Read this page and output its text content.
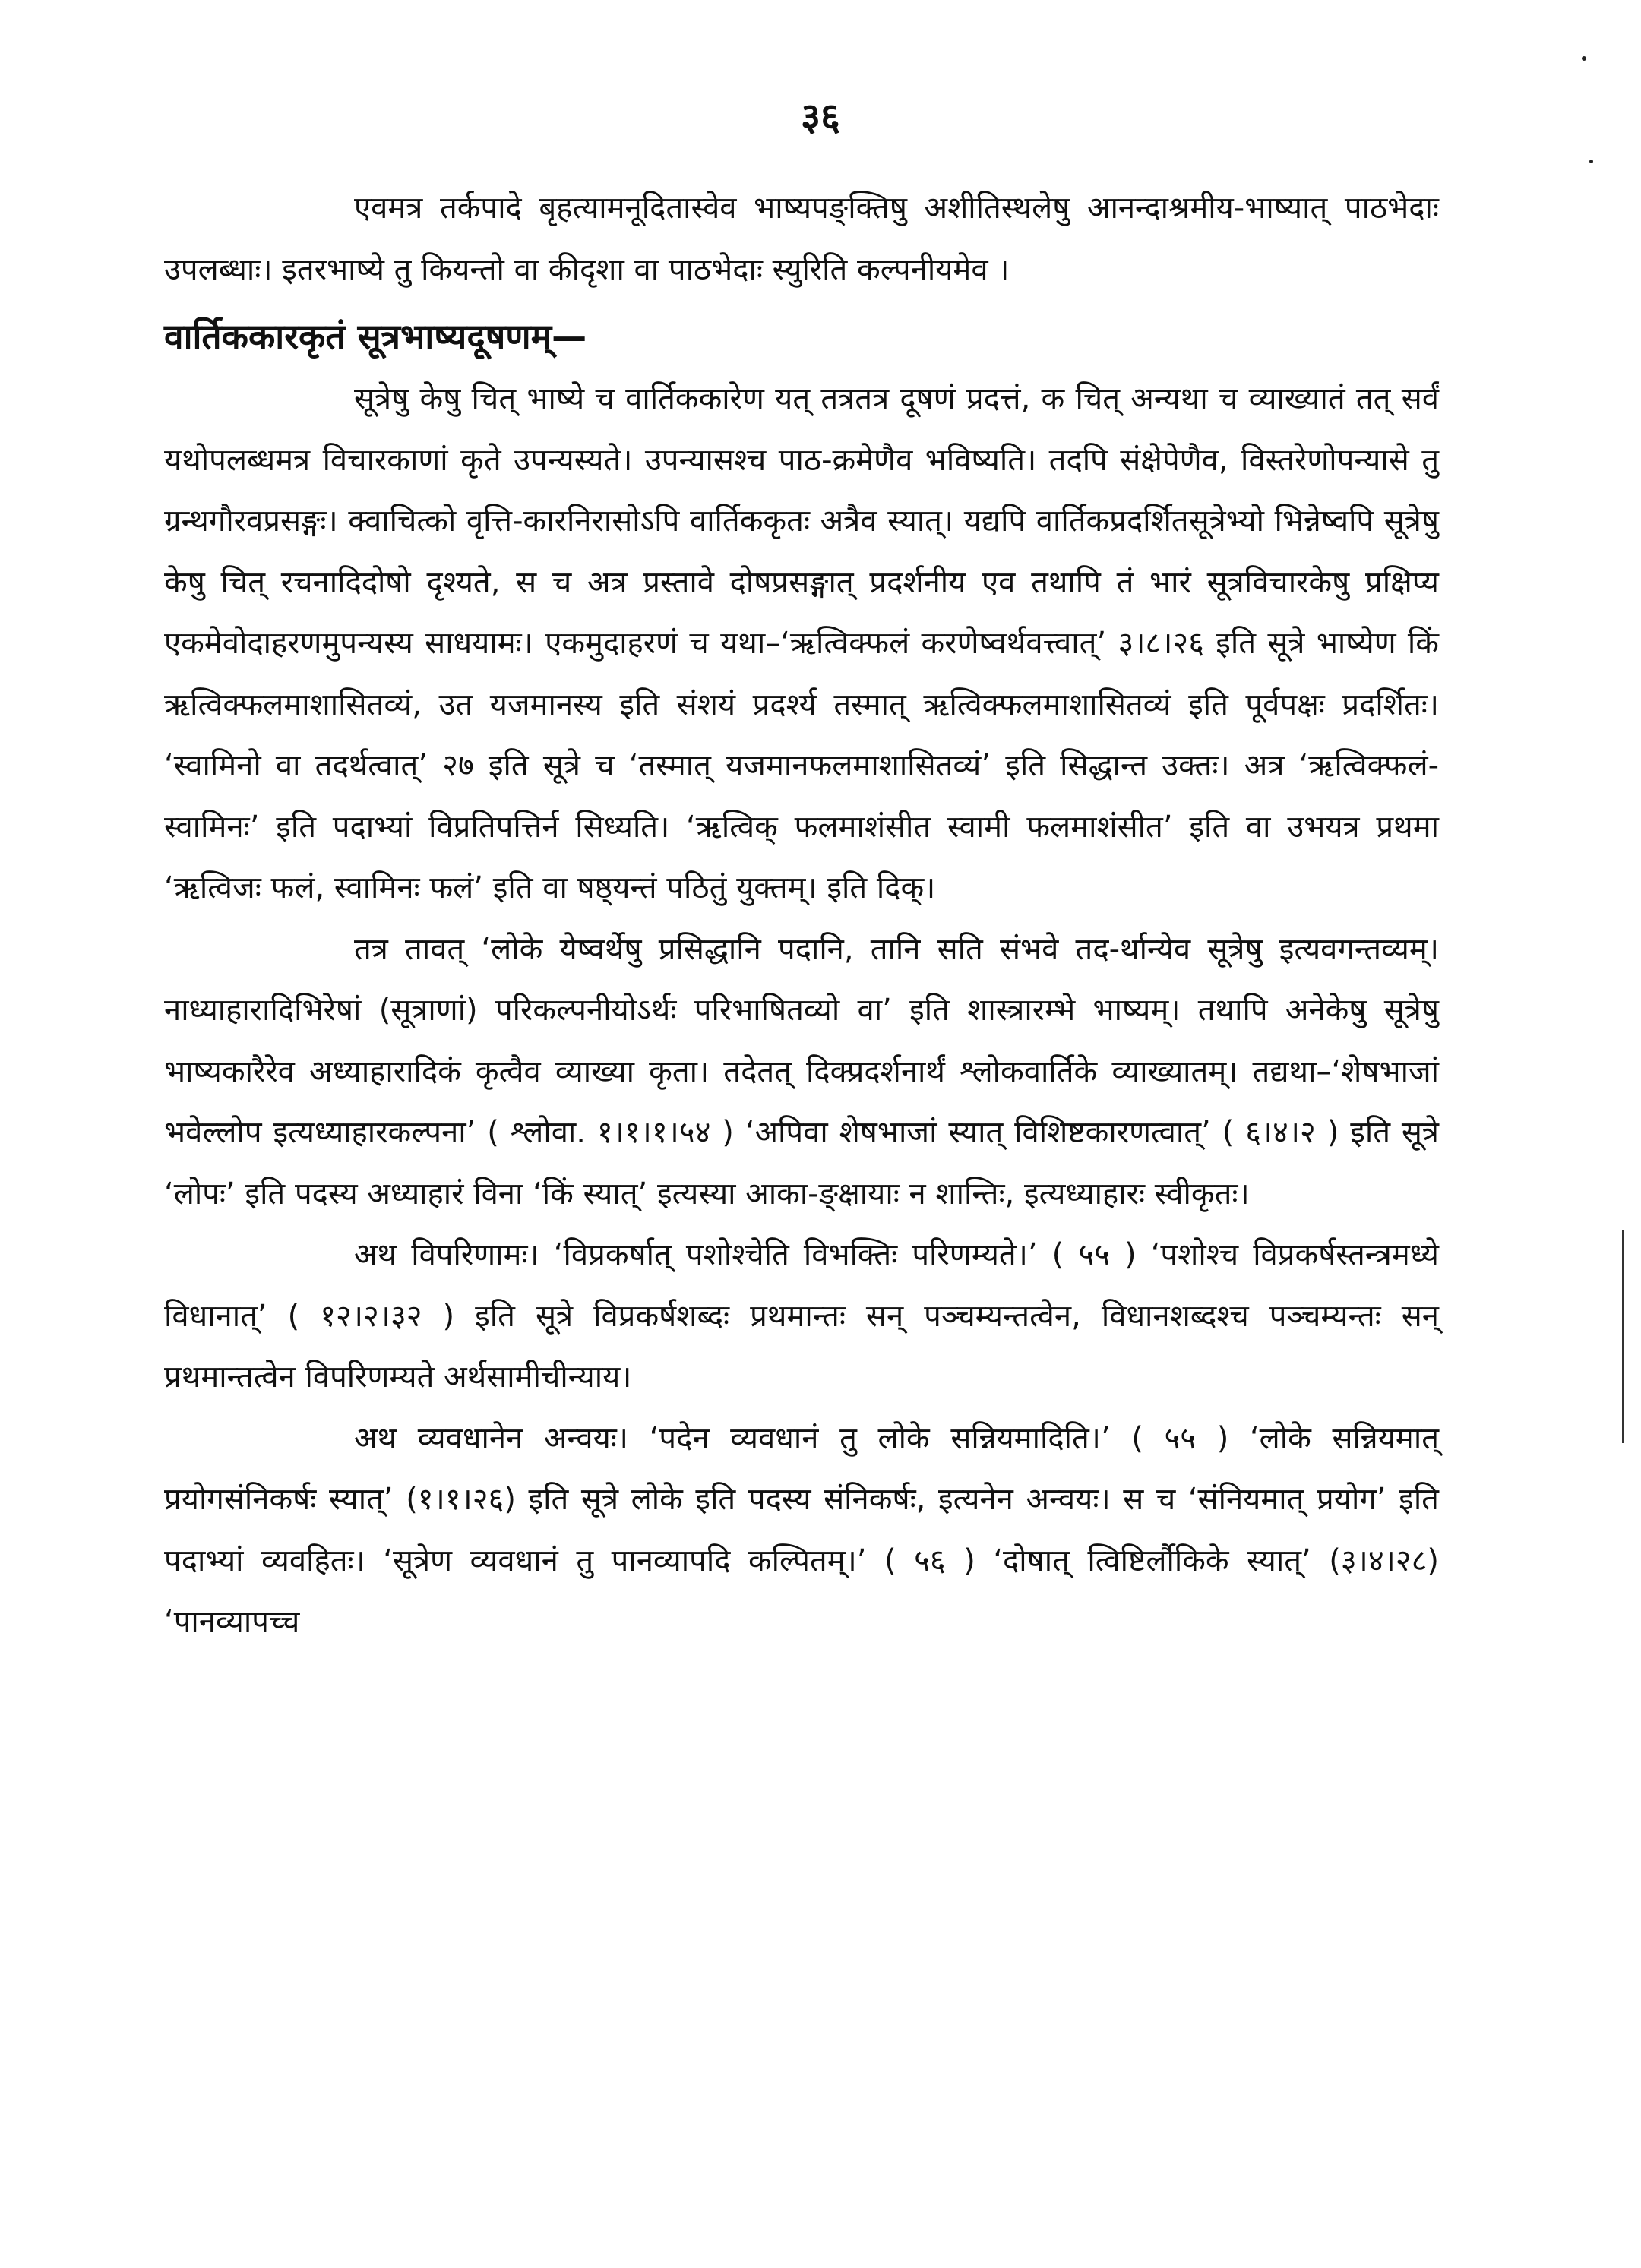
३६

एवमत्र तर्कपादे बृहत्यामनूदितास्वेव भाष्यपङ्क्तिषु अशीतिस्थलेषु आनन्दाश्रमीय-भाष्यात् पाठभेदाः उपलब्धाः। इतरभाष्ये तु कियन्तो वा कीदृशा वा पाठभेदाः स्युरिति कल्पनीयमेव ।

वार्तिककारकृतं सूत्रभाष्यदूषणम्—

सूत्रेषु केषु चित् भाष्ये च वार्तिककारेण यत् तत्रतत्र दूषणं प्रदत्तं, क चित् अन्यथा च व्याख्यातं तत् सर्वं यथोपलब्धमत्र विचारकाणां कृते उपन्यस्यते। उपन्यासश्च पाठ-क्रमेणैव भविष्यति। तदपि संक्षेपेणैव, विस्तरेणोपन्यासे तु ग्रन्थगौरवप्रसङ्गः। क्वाचित्को वृत्ति-कारनिरासोऽपि वार्तिककृतः अत्रैव स्यात्। यद्यपि वार्तिकप्रदर्शितसूत्रेभ्यो भिन्नेष्वपि सूत्रेषु केषु चित् रचनादिदोषो दृश्यते, स च अत्र प्रस्तावे दोषप्रसङ्गात् प्रदर्शनीय एव तथापि तं भारं सूत्रविचारकेषु प्रक्षिप्य एकमेवोदाहरणमुपन्यस्य साधयामः। एकमुदाहरणं च यथा–‘ऋत्विक्फलं करणेष्वर्थवत्त्वात्’ ३।८।२६ इति सूत्रे भाष्येण किं ऋत्विक्फलमाशासितव्यं, उत यजमानस्य इति संशयं प्रदर्श्य तस्मात् ऋत्विक्फलमाशासितव्यं इति पूर्वपक्षः प्रदर्शितः। ‘स्वामिनो वा तदर्थत्वात्’ २७ इति सूत्रे च ‘तस्मात् यजमानफलमाशासितव्यं’ इति सिद्धान्त उक्तः। अत्र ‘ऋत्विक्फलं-स्वामिनः’ इति पदाभ्यां विप्रतिपत्तिर्न सिध्यति। ‘ऋत्विक् फलमाशंसीत स्वामी फलमाशंसीत’ इति वा उभयत्र प्रथमा ‘ऋत्विजः फलं, स्वामिनः फलं’ इति वा षष्ठ्यन्तं पठितुं युक्तम्। इति दिक्।

तत्र तावत् ‘लोके येष्वर्थेषु प्रसिद्धानि पदानि, तानि सति संभवे तद-र्थान्येव सूत्रेषु इत्यवगन्तव्यम्। नाध्याहारादिभिरेषां (सूत्राणां) परिकल्पनीयोऽर्थः परिभाषितव्यो वा’ इति शास्त्रारम्भे भाष्यम्। तथापि अनेकेषु सूत्रेषु भाष्यकारैरेव अध्याहारादिकं कृत्वैव व्याख्या कृता। तदेतत् दिक्प्रदर्शनार्थं श्लोकवार्तिके व्याख्यातम्। तद्यथा–‘शेषभाजां भवेल्लोप इत्यध्याहारकल्पना’ ( श्लोवा. १।१।१।५४ ) ‘अपिवा शेषभाजां स्यात् विशिष्टकारणत्वात्’ ( ६।४।२ ) इति सूत्रे ‘लोपः’ इति पदस्य अध्याहारं विना ‘किं स्यात्’ इत्यस्या आका-ङ्क्षायाः न शान्तिः, इत्यध्याहारः स्वीकृतः।

अथ विपरिणामः। ‘विप्रकर्षात् पशोश्चेति विभक्तिः परिणम्यते।’ ( ५५ ) ‘पशोश्च विप्रकर्षस्तन्त्रमध्ये विधानात्’ ( १२।२।३२ ) इति सूत्रे विप्रकर्षशब्दः प्रथमान्तः सन् पञ्चम्यन्तत्वेन, विधानशब्दश्च पञ्चम्यन्तः सन् प्रथमान्तत्वेन विपरिणम्यते अर्थसामीचीन्याय।

अथ व्यवधानेन अन्वयः। ‘पदेन व्यवधानं तु लोके सन्नियमादिति।’ ( ५५ ) ‘लोके सन्नियमात् प्रयोगसंनिकर्षः स्यात्’ (१।१।२६) इति सूत्रे लोके इति पदस्य संनिकर्षः, इत्यनेन अन्वयः। स च ‘संनियमात् प्रयोग’ इति पदाभ्यां व्यवहितः। ‘सूत्रेण व्यवधानं तु पानव्यापदि कल्पितम्।’ ( ५६ ) ‘दोषात् त्विष्टिर्लौकिके स्यात्’ (३।४।२८) ‘पानव्यापच्च
